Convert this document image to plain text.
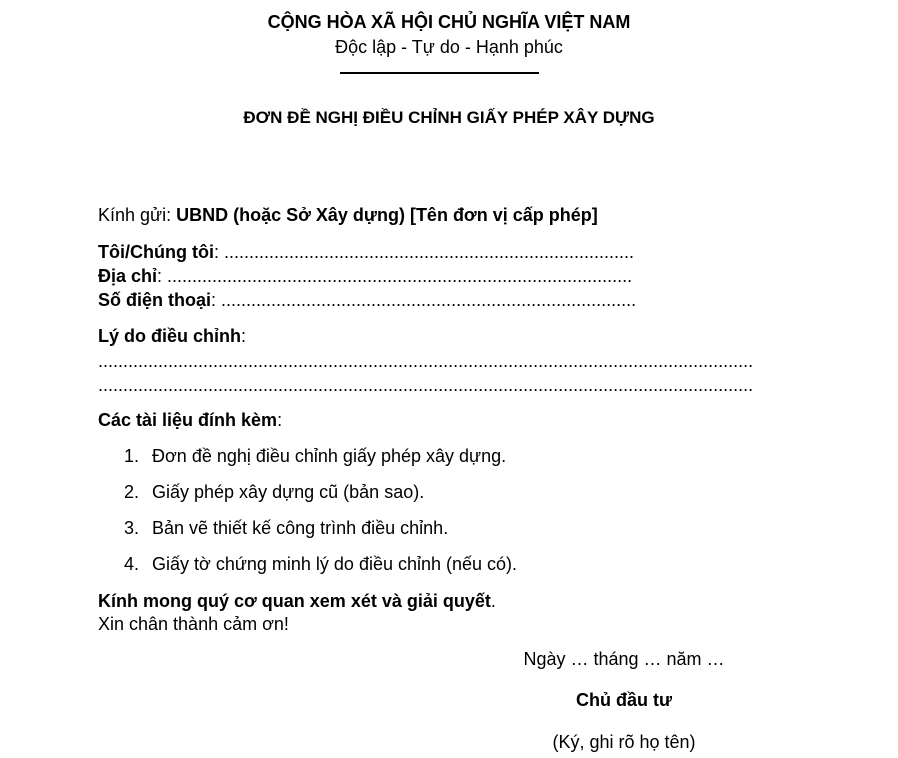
CỘNG HÒA XÃ HỘI CHỦ NGHĨA VIỆT NAM
Độc lập - Tự do - Hạnh phúc
ĐƠN ĐỀ NGHỊ ĐIỀU CHỈNH GIẤY PHÉP XÂY DỰNG
Kính gửi: UBND (hoặc Sở Xây dựng) [Tên đơn vị cấp phép]
Tôi/Chúng tôi: ..................................................................................
Địa chỉ: .............................................................................................
Số điện thoại: ...................................................................................
Lý do điều chỉnh:
...................................................................................................................................
...................................................................................................................................
Các tài liệu đính kèm:
1. Đơn đề nghị điều chỉnh giấy phép xây dựng.
2. Giấy phép xây dựng cũ (bản sao).
3. Bản vẽ thiết kế công trình điều chỉnh.
4. Giấy tờ chứng minh lý do điều chỉnh (nếu có).
Kính mong quý cơ quan xem xét và giải quyết.
Xin chân thành cảm ơn!
Ngày … tháng … năm …
Chủ đầu tư
(Ký, ghi rõ họ tên)
